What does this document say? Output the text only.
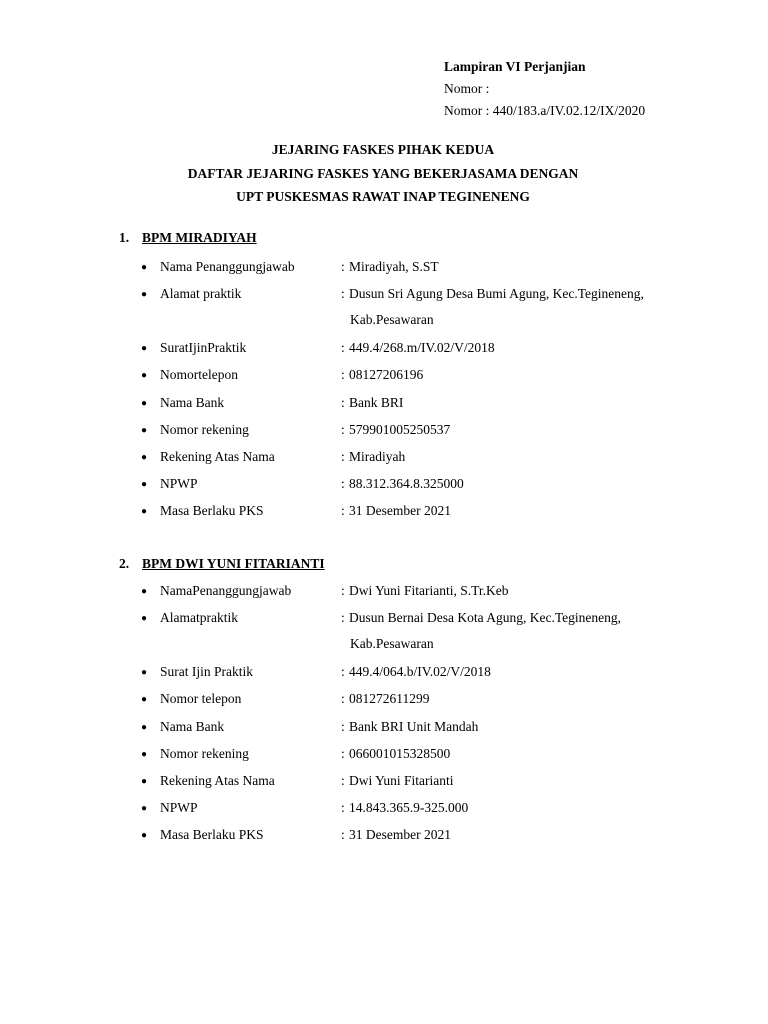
Lampiran VI Perjanjian
Nomor :
Nomor : 440/183.a/IV.02.12/IX/2020
JEJARING FASKES PIHAK KEDUA
DAFTAR JEJARING FASKES YANG BEKERJASAMA DENGAN
UPT PUSKESMAS RAWAT INAP TEGINENENG
1. BPM MIRADIYAH
● Nama Penanggungjawab	: Miradiyah, S.ST
● Alamat praktik	: Dusun Sri Agung Desa Bumi Agung, Kec.Tegineneng,
Kab.Pesawaran
● SuratIjinPraktik	: 449.4/268.m/IV.02/V/2018
● Nomortelepon	: 08127206196
● Nama Bank	: Bank BRI
● Nomor rekening	: 579901005250537
● Rekening Atas Nama	: Miradiyah
● NPWP	: 88.312.364.8.325000
● Masa Berlaku PKS	: 31 Desember 2021
2. BPM DWI YUNI FITARIANTI
● NamaPenanggungjawab	: Dwi Yuni Fitarianti, S.Tr.Keb
● Alamatpraktik	: Dusun Bernai Desa Kota Agung, Kec.Tegineneng,
Kab.Pesawaran
● Surat Ijin Praktik	: 449.4/064.b/IV.02/V/2018
● Nomor telepon	: 081272611299
● Nama Bank	: Bank BRI Unit Mandah
● Nomor rekening	: 066001015328500
● Rekening Atas Nama	: Dwi Yuni Fitarianti
● NPWP	: 14.843.365.9-325.000
● Masa Berlaku PKS	: 31 Desember 2021
